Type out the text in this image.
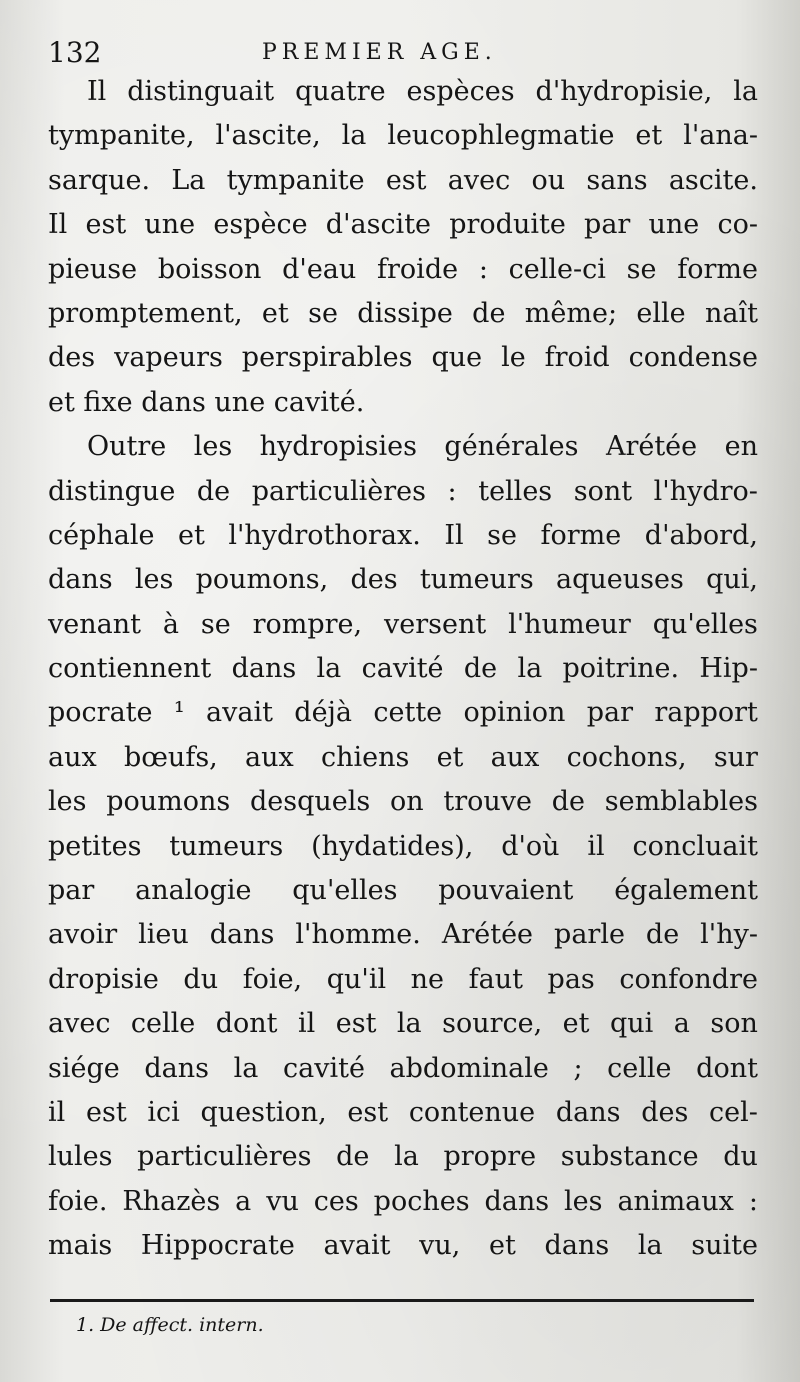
132	PREMIER AGE.
Il distinguait quatre espèces d'hydropisie, la
tympanite, l'ascite, la leucophlegmatie et l'ana-
sarque. La tympanite est avec ou sans ascite.
Il est une espèce d'ascite produite par une co-
pieuse boisson d'eau froide : celle-ci se forme
promptement, et se dissipe de même; elle naît
des vapeurs perspirables que le froid condense
et fixe dans une cavité.
Outre les hydropisies générales Arétée en
distingue de particulières : telles sont l'hydro-
céphale et l'hydrothorax. Il se forme d'abord,
dans les poumons, des tumeurs aqueuses qui,
venant à se rompre, versent l'humeur qu'elles
contiennent dans la cavité de la poitrine. Hip-
pocrate ¹ avait déjà cette opinion par rapport
aux bœufs, aux chiens et aux cochons, sur
les poumons desquels on trouve de semblables
petites tumeurs (hydatides), d'où il concluait
par analogie qu'elles pouvaient également
avoir lieu dans l'homme. Arétée parle de l'hy-
dropisie du foie, qu'il ne faut pas confondre
avec celle dont il est la source, et qui a son
siége dans la cavité abdominale ; celle dont
il est ici question, est contenue dans des cel-
lules particulières de la propre substance du
foie. Rhazès a vu ces poches dans les animaux :
mais Hippocrate avait vu, et dans la suite
1. De affect. intern.
